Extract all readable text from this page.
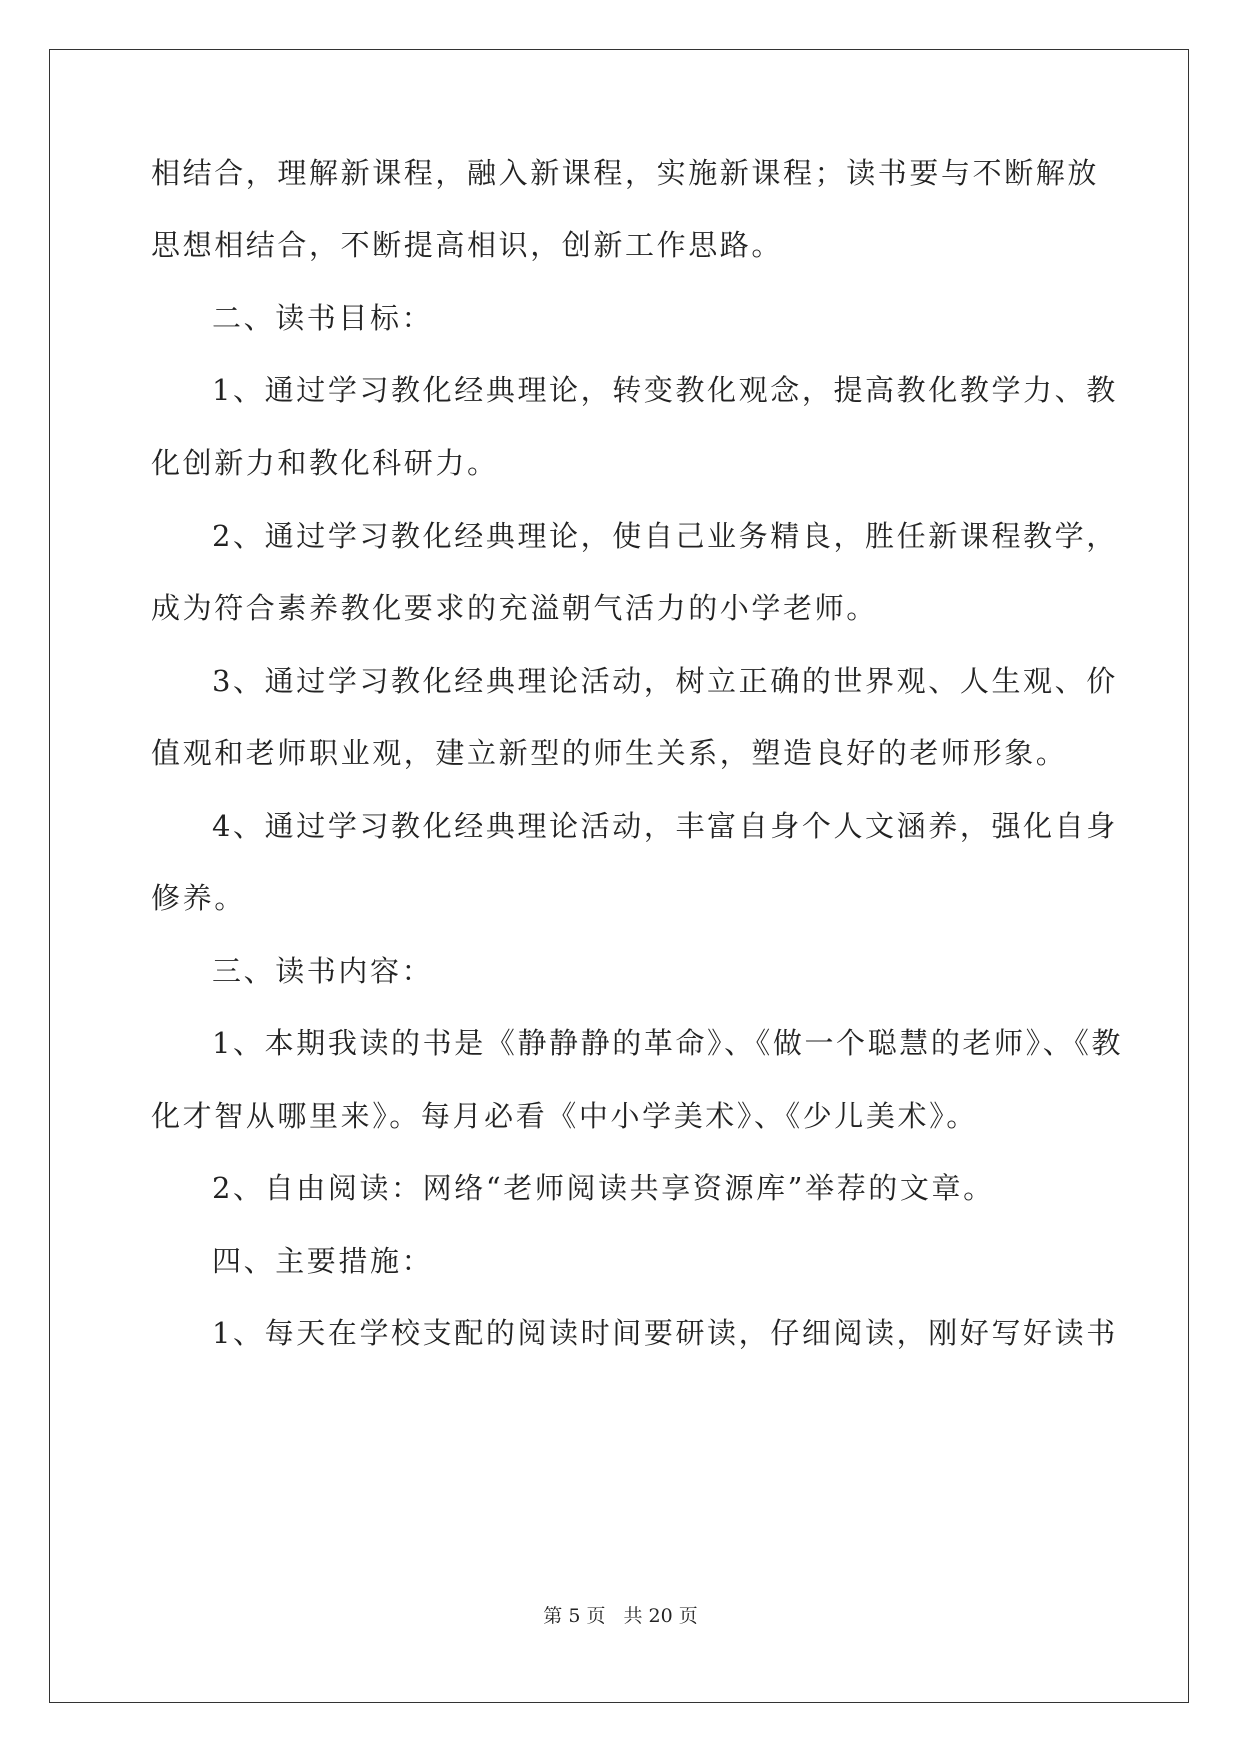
相结合，理解新课程，融入新课程，实施新课程；读书要与不断解放
思想相结合，不断提高相识，创新工作思路。
二、读书目标：
1、通过学习教化经典理论，转变教化观念，提高教化教学力、教
化创新力和教化科研力。
2、通过学习教化经典理论，使自己业务精良，胜任新课程教学，
成为符合素养教化要求的充溢朝气活力的小学老师。
3、通过学习教化经典理论活动，树立正确的世界观、人生观、价
值观和老师职业观，建立新型的师生关系，塑造良好的老师形象。
4、通过学习教化经典理论活动，丰富自身个人文涵养，强化自身
修养。
三、读书内容：
1、本期我读的书是《静静静的革命》、《做一个聪慧的老师》、《教
化才智从哪里来》。每月必看《中小学美术》、《少儿美术》。
2、自由阅读：网络“老师阅读共享资源库”举荐的文章。
四、主要措施：
1、每天在学校支配的阅读时间要研读，仔细阅读，刚好写好读书
第 5 页 共 20 页
